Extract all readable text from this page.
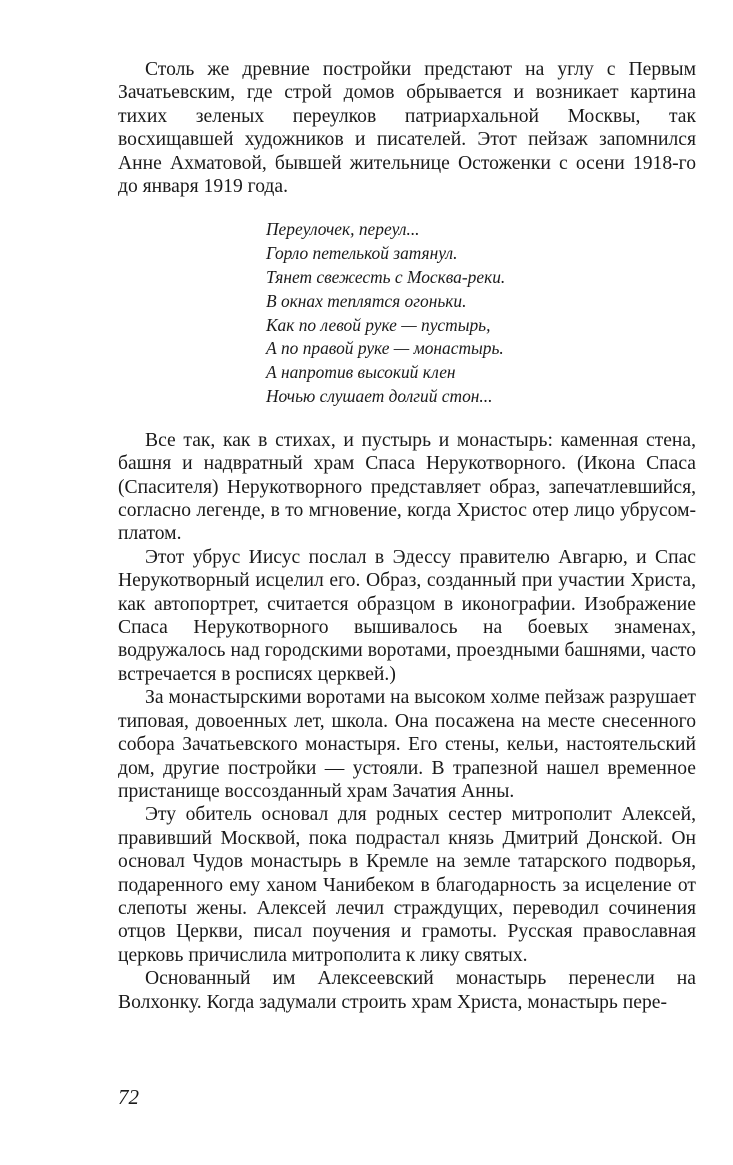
Столь же древние постройки предстают на углу с Первым Зачатьевским, где строй домов обрывается и возникает картина тихих зеленых переулков патриархальной Москвы, так восхищавшей художников и писателей. Этот пейзаж запомнился Анне Ахматовой, бывшей жительнице Остоженки с осени 1918-го до января 1919 года.

Переулочек, переул...
Горло петелькой затянул.
Тянет свежесть с Москва-реки.
В окнах теплятся огоньки.
Как по левой руке — пустырь,
А по правой руке — монастырь.
А напротив высокий клен
Ночью слушает долгий стон...

Все так, как в стихах, и пустырь и монастырь: каменная стена, башня и надвратный храм Спаса Нерукотворного. (Икона Спаса (Спасителя) Нерукотворного представляет образ, запечатлевшийся, согласно легенде, в то мгновение, когда Христос отер лицо убрусом-платом.

Этот убрус Иисус послал в Эдессу правителю Авгарю, и Спас Нерукотворный исцелил его. Образ, созданный при участии Христа, как автопортрет, считается образцом в иконографии. Изображение Спаса Нерукотворного вышивалось на боевых знаменах, водружалось над городскими воротами, проездными башнями, часто встречается в росписях церквей.)

За монастырскими воротами на высоком холме пейзаж разрушает типовая, довоенных лет, школа. Она посажена на месте снесенного собора Зачатьевского монастыря. Его стены, кельи, настоятельский дом, другие постройки — устояли. В трапезной нашел временное пристанище воссозданный храм Зачатия Анны.

Эту обитель основал для родных сестер митрополит Алексей, правивший Москвой, пока подрастал князь Дмитрий Донской. Он основал Чудов монастырь в Кремле на земле татарского подворья, подаренного ему ханом Чанибеком в благодарность за исцеление от слепоты жены. Алексей лечил страждущих, переводил сочинения отцов Церкви, писал поучения и грамоты. Русская православная церковь причислила митрополита к лику святых.

Основанный им Алексеевский монастырь перенесли на Волхонку. Когда задумали строить храм Христа, монастырь пере-

72
